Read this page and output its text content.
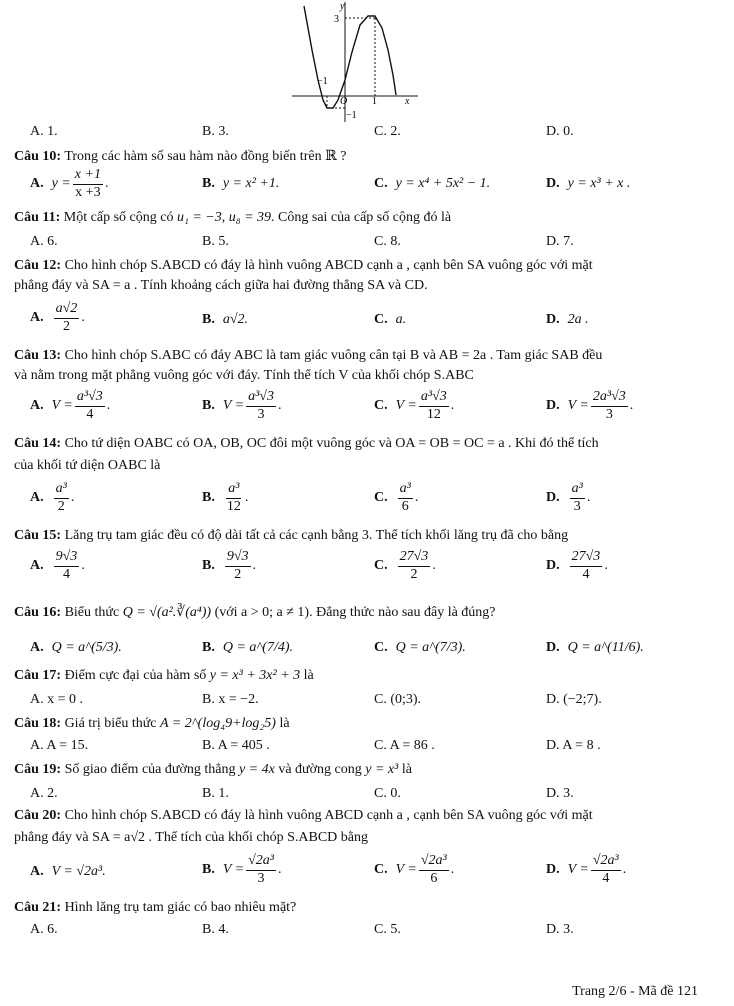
y
3
−1
O 1	x
−1
A. 1.	B. 3.	C. 2.	D. 0.
Câu 10: Trong các hàm số sau hàm nào đồng biến trên ℝ ?
A. $y = \frac{x +1}{x +3}$ .	B. y = x² +1.	C. y = x⁴ + 5x² − 1.	D. y = x³ + x .
Câu 11: Một cấp số cộng có u₁ = −3, u₈ = 39. Công sai của cấp số cộng đó là
A. 6.	B. 5.	C. 8.	D. 7.
Câu 12: Cho hình chóp S.ABCD có đáy là hình vuông ABCD cạnh a , cạnh bên SA vuông góc với mặt
phẳng đáy và SA = a . Tính khoảng cách giữa hai đường thẳng SA và CD.
A. $\frac{a√2}{2}$ .	B. a√2.	C. a.	D. 2a .
Câu 13: Cho hình chóp S.ABC có đáy ABC là tam giác vuông cân tại B và AB = 2a . Tam giác SAB đều
và nằm trong mặt phẳng vuông góc với đáy. Tính thể tích V của khối chóp S.ABC
A. $V = \frac{\text{a³√3}}{4}$ .	B. $V = \frac{\text{a³√3}}{3}$ .	C. $V = \frac{\text{a³√3}}{12}$ .	D. $V = \frac{\text{2a³√3}}{3}$ .
Câu 14: Cho tứ diện OABC có OA, OB, OC đôi một vuông góc và OA = OB = OC = a . Khi đó thể tích
của khối tứ diện OABC là
A. $\frac{\text{a³}}{2}$ .	B. $\frac{\text{a³}}{12}$ .	C. $\frac{\text{a³}}{6}$ .	D. $\frac{\text{a³}}{3}$ .
Câu 15: Lăng trụ tam giác đều có độ dài tất cả các cạnh bằng 3. Thể tích khối lăng trụ đã cho bằng
A. $\frac{9√3}{4}$ .	B. $\frac{9√3}{2}$ .	C. $\frac{27√3}{2}$ .	D. $\frac{27√3}{4}$ .
Câu 16: Biểu thức Q = √(a².∛(a⁴)) (với a > 0; a ≠ 1). Đẳng thức nào sau đây là đúng?
A. Q = a^(5/3).	B. Q = a^(7/4).	C. Q = a^(7/3).	D. Q = a^(11/6).
Câu 17: Điểm cực đại của hàm số y = x³ + 3x² + 3 là
A. x = 0 .	B. x = −2.	C. (0;3).	D. (−2;7).
Câu 18: Giá trị biểu thức A = 2^(log₄9+log₂5) là
A. A = 15.	B. A = 405 .	C. A = 86 .	D. A = 8 .
Câu 19: Số giao điểm của đường thẳng y = 4x và đường cong y = x³ là
A. 2.	B. 1.	C. 0.	D. 3.
Câu 20: Cho hình chóp S.ABCD có đáy là hình vuông ABCD cạnh a , cạnh bên SA vuông góc với mặt
phẳng đáy và SA = a√2 . Thể tích của khối chóp S.ABCD bằng
A. V = √2a³.	B. $V = \frac{\text{√2a³}}{3}$ .	C. $V = \frac{\text{√2a³}}{6}$ .	D. $V = \frac{\text{√2a³}}{4}$ .
Câu 21: Hình lăng trụ tam giác có bao nhiêu mặt?
A. 6.	B. 4.	C. 5.	D. 3.
Trang 2/6 - Mã đề 121
